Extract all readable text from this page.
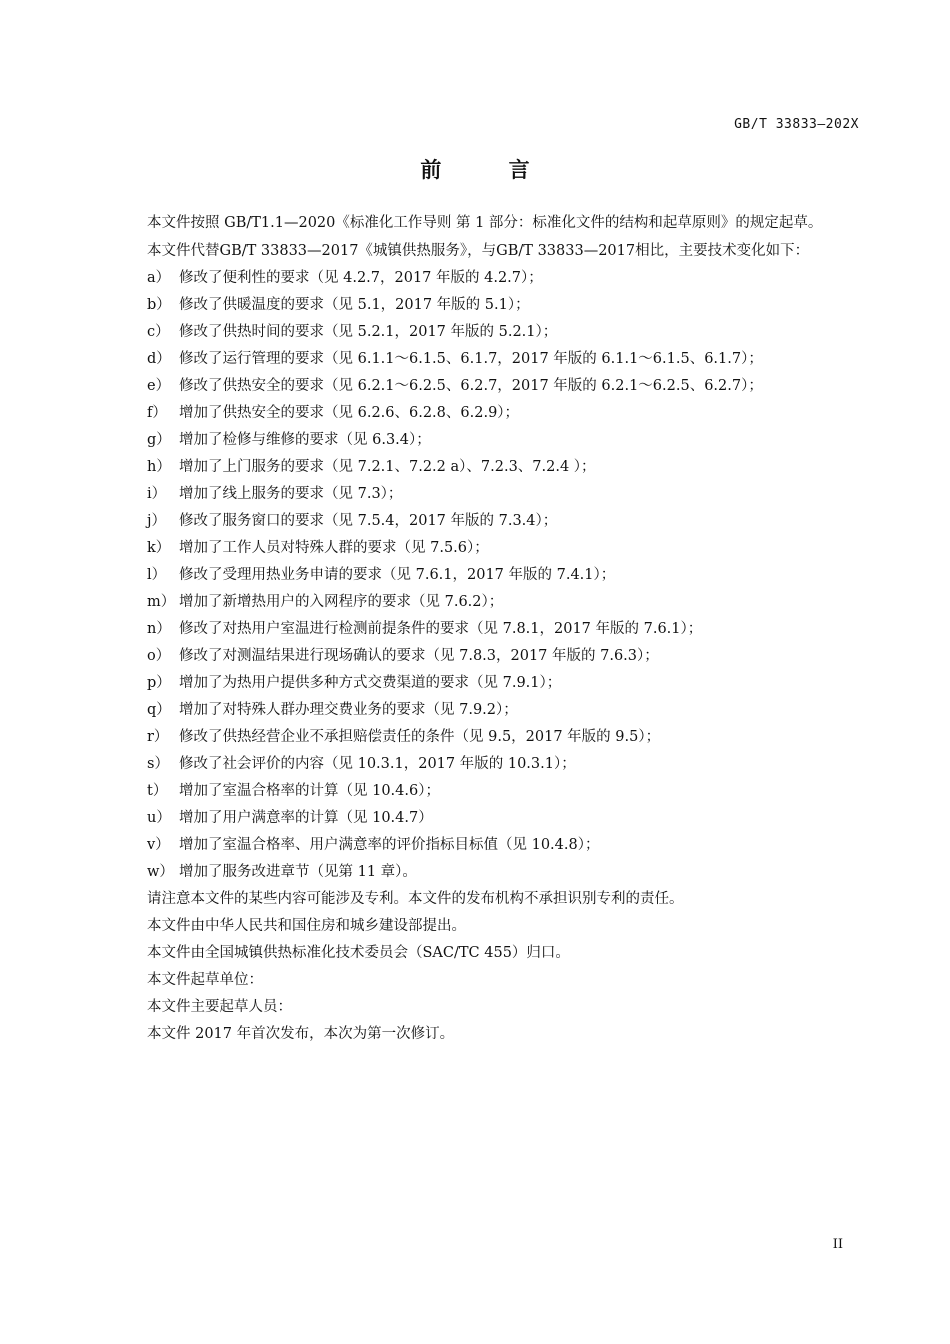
GB/T 33833—202X
前 言

本文件按照 GB/T1.1—2020《标准化工作导则 第 1 部分：标准化文件的结构和起草原则》的规定起草。

本文件代替GB/T 33833—2017《城镇供热服务》，与GB/T 33833—2017相比，主要技术变化如下：

a） 修改了便利性的要求（见 4.2.7，2017 年版的 4.2.7）；
b） 修改了供暖温度的要求（见 5.1，2017 年版的 5.1）；
c） 修改了供热时间的要求（见 5.2.1，2017 年版的 5.2.1）；
d） 修改了运行管理的要求（见 6.1.1～6.1.5、6.1.7，2017 年版的 6.1.1～6.1.5、6.1.7）；
e） 修改了供热安全的要求（见 6.2.1～6.2.5、6.2.7，2017 年版的 6.2.1～6.2.5、6.2.7）；
f） 增加了供热安全的要求（见 6.2.6、6.2.8、6.2.9）；
g） 增加了检修与维修的要求（见 6.3.4）；
h） 增加了上门服务的要求（见 7.2.1、7.2.2 a）、7.2.3、7.2.4 ）；
i） 增加了线上服务的要求（见 7.3）；
j） 修改了服务窗口的要求（见 7.5.4，2017 年版的 7.3.4）；
k） 增加了工作人员对特殊人群的要求（见 7.5.6）；
l） 修改了受理用热业务申请的要求（见 7.6.1，2017 年版的 7.4.1）；
m） 增加了新增热用户的入网程序的要求（见 7.6.2）；
n） 修改了对热用户室温进行检测前提条件的要求（见 7.8.1，2017 年版的 7.6.1）；
o） 修改了对测温结果进行现场确认的要求（见 7.8.3，2017 年版的 7.6.3）；
p） 增加了为热用户提供多种方式交费渠道的要求（见 7.9.1）；
q） 增加了对特殊人群办理交费业务的要求（见 7.9.2）；
r） 修改了供热经营企业不承担赔偿责任的条件（见 9.5，2017 年版的 9.5）；
s） 修改了社会评价的内容（见 10.3.1，2017 年版的 10.3.1）；
t） 增加了室温合格率的计算（见 10.4.6）；
u） 增加了用户满意率的计算（见 10.4.7）
v） 增加了室温合格率、用户满意率的评价指标目标值（见 10.4.8）；
w） 增加了服务改进章节（见第 11 章）。

请注意本文件的某些内容可能涉及专利。本文件的发布机构不承担识别专利的责任。

本文件由中华人民共和国住房和城乡建设部提出。

本文件由全国城镇供热标准化技术委员会（SAC/TC 455）归口。

本文件起草单位：

本文件主要起草人员：

本文件 2017 年首次发布，本次为第一次修订。

II
